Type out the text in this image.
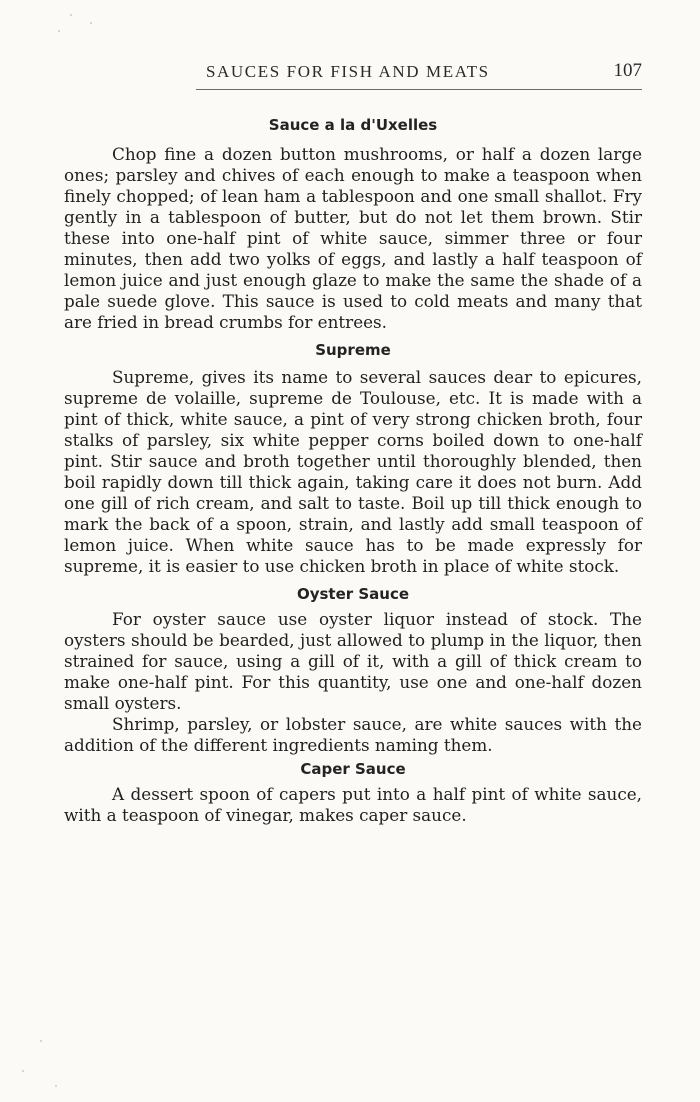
SAUCES FOR FISH AND MEATS	107
Sauce a la d'Uxelles

Chop fine a dozen button mushrooms, or half a dozen large ones; parsley and chives of each enough to make a teaspoon when finely chopped; of lean ham a tablespoon and one small shallot. Fry gently in a tablespoon of butter, but do not let them brown. Stir these into one-half pint of white sauce, simmer three or four minutes, then add two yolks of eggs, and lastly a half teaspoon of lemon juice and just enough glaze to make the same the shade of a pale suede glove. This sauce is used to cold meats and many that are fried in bread crumbs for entrees.

Supreme

Supreme, gives its name to several sauces dear to epicures, supreme de volaille, supreme de Toulouse, etc. It is made with a pint of thick, white sauce, a pint of very strong chicken broth, four stalks of parsley, six white pepper corns boiled down to one-half pint. Stir sauce and broth together until thoroughly blended, then boil rapidly down till thick again, taking care it does not burn. Add one gill of rich cream, and salt to taste. Boil up till thick enough to mark the back of a spoon, strain, and lastly add small teaspoon of lemon juice. When white sauce has to be made expressly for supreme, it is easier to use chicken broth in place of white stock.

Oyster Sauce

For oyster sauce use oyster liquor instead of stock. The oysters should be bearded, just allowed to plump in the liquor, then strained for sauce, using a gill of it, with a gill of thick cream to make one-half pint. For this quantity, use one and one-half dozen small oysters.

Shrimp, parsley, or lobster sauce, are white sauces with the addition of the different ingredients naming them.

Caper Sauce

A dessert spoon of capers put into a half pint of white sauce, with a teaspoon of vinegar, makes caper sauce.
